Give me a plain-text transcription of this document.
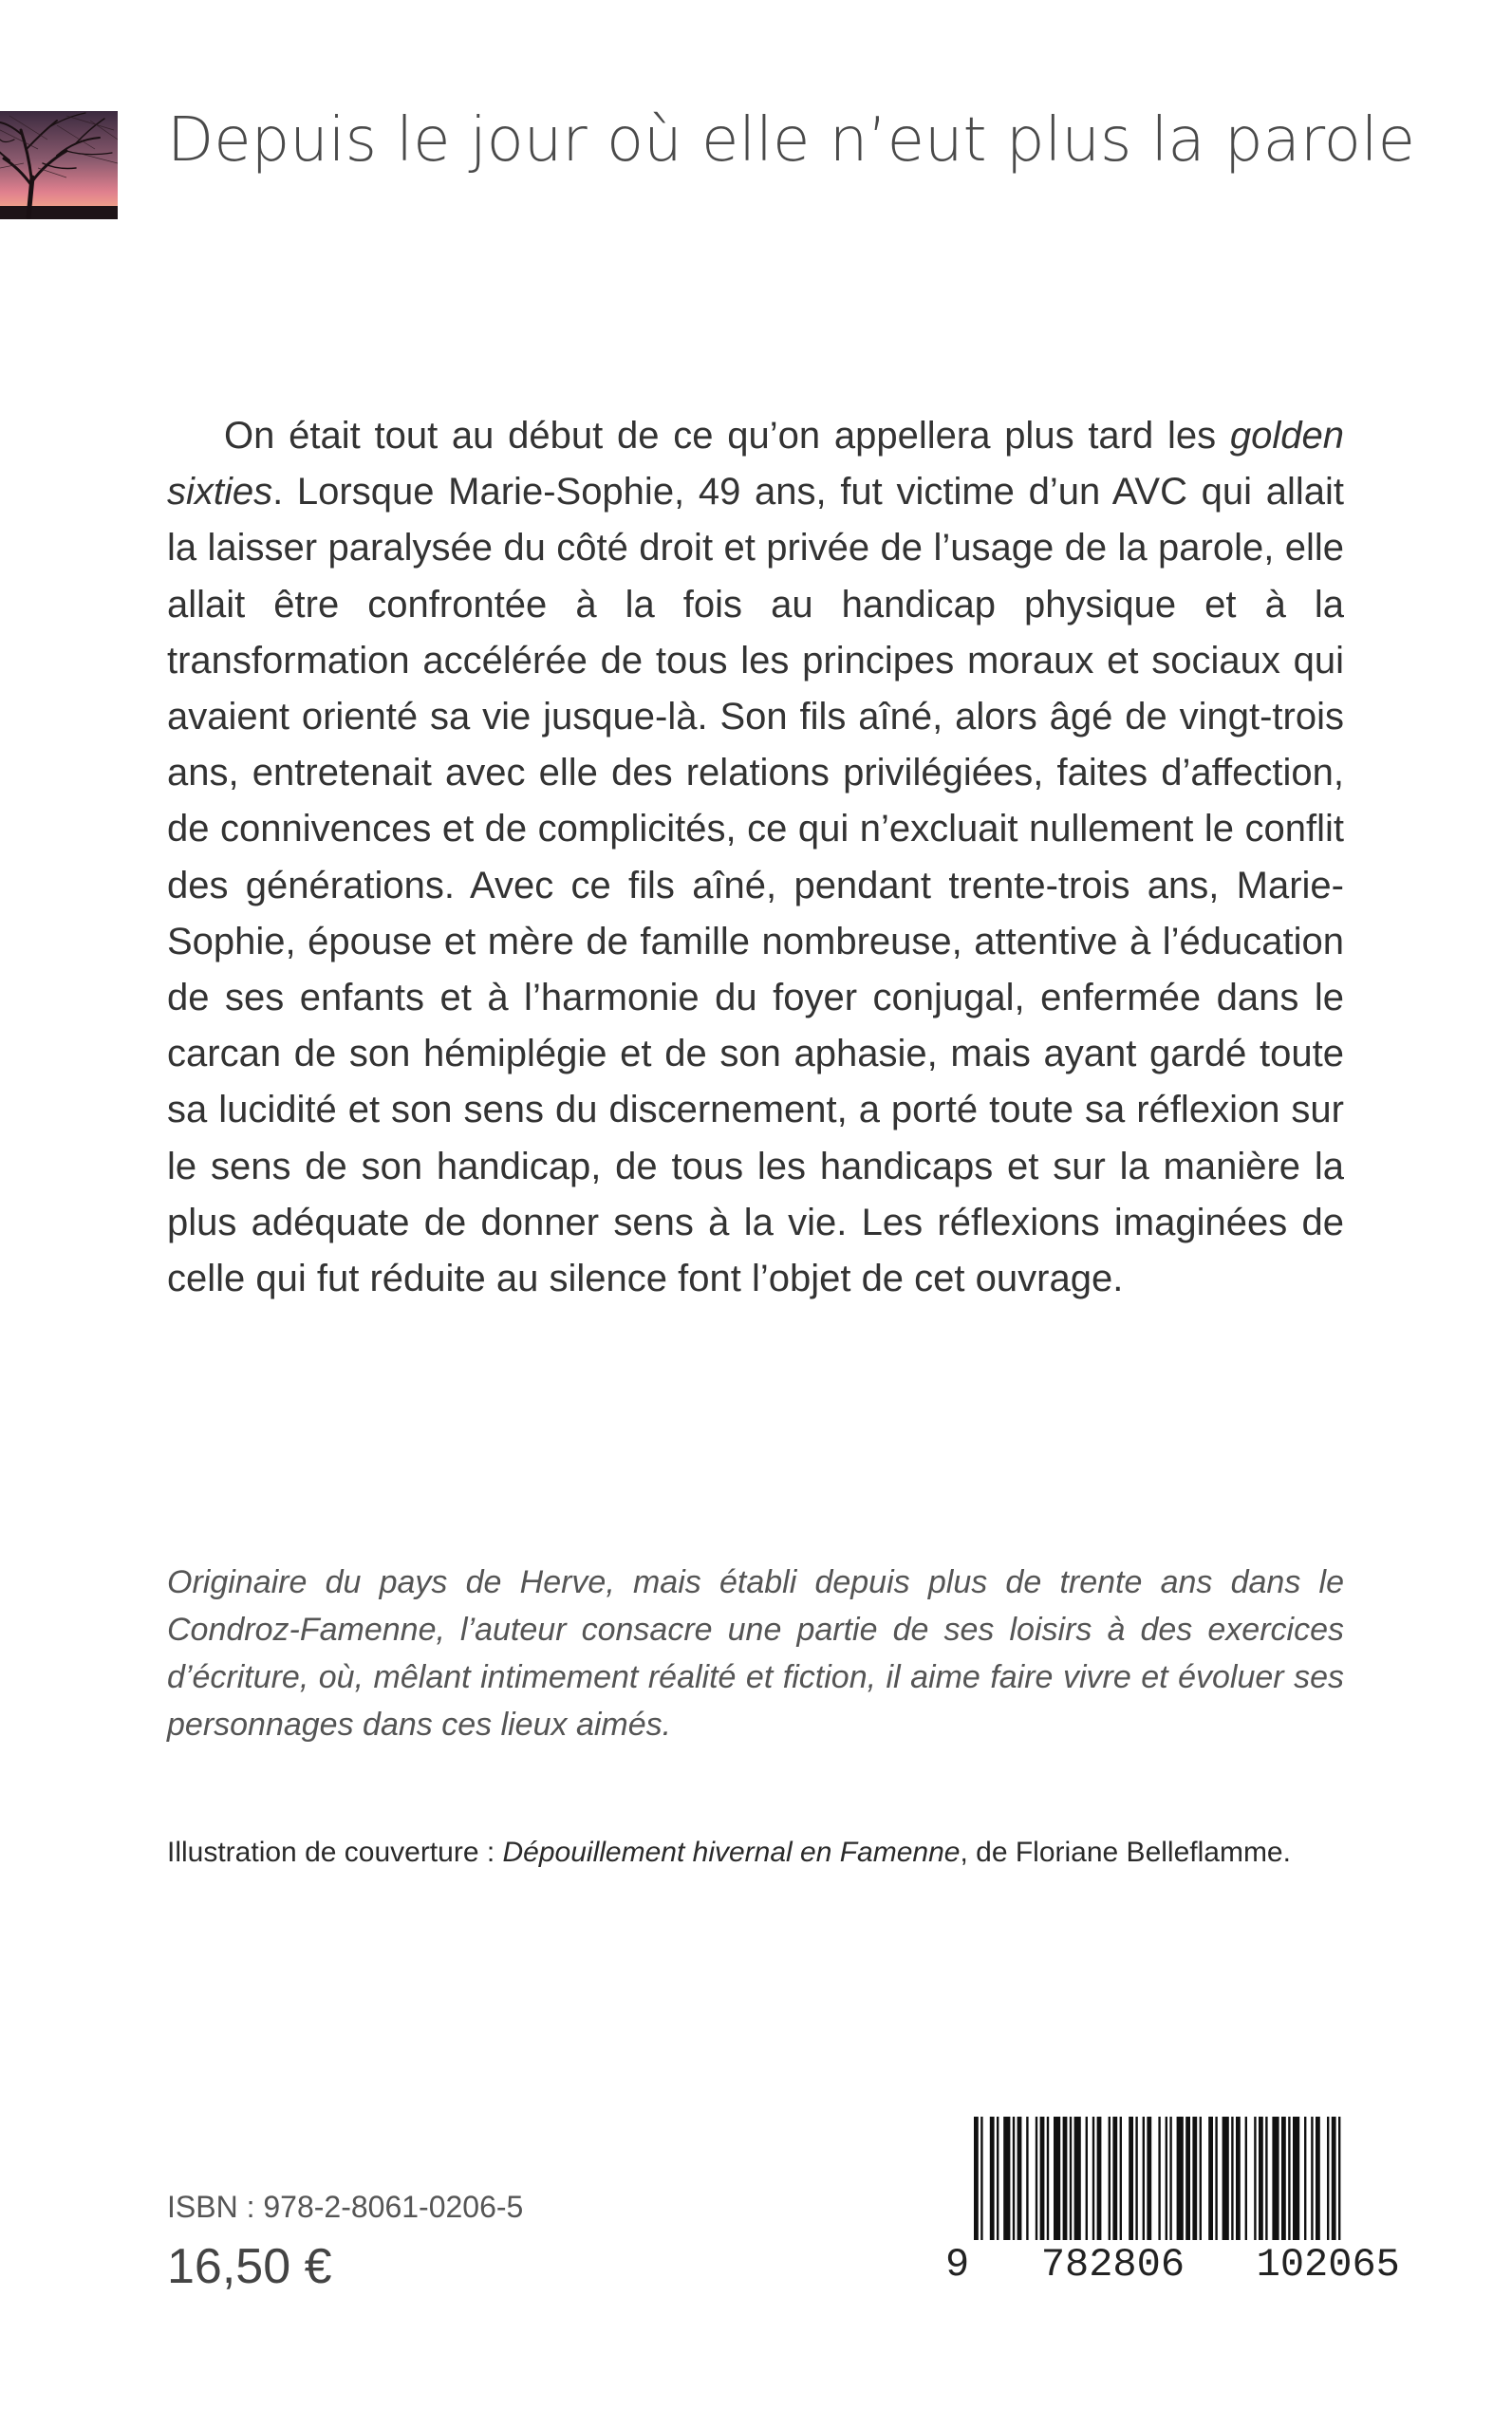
Depuis le jour où elle n’eut plus la parole

On était tout au début de ce qu’on appellera plus tard les golden sixties. Lorsque Marie-Sophie, 49 ans, fut victime d’un AVC qui allait la laisser paralysée du côté droit et privée de l’usage de la parole, elle allait être confrontée à la fois au handicap physique et à la transformation accélérée de tous les principes moraux et sociaux qui avaient orienté sa vie jusque-là. Son fils aîné, alors âgé de vingt-trois ans, entretenait avec elle des relations privilégiées, faites d’affection, de connivences et de complicités, ce qui n’excluait nullement le conflit des générations. Avec ce fils aîné, pendant trente-trois ans, Marie-Sophie, épouse et mère de famille nombreuse, attentive à l’éducation de ses enfants et à l’harmonie du foyer conjugal, enfermée dans le carcan de son hémiplégie et de son aphasie, mais ayant gardé toute sa lucidité et son sens du discernement, a porté toute sa réflexion sur le sens de son handicap, de tous les handicaps et sur la manière la plus adéquate de donner sens à la vie. Les réflexions imaginées de celle qui fut réduite au silence font l’objet de cet ouvrage.

Originaire du pays de Herve, mais établi depuis plus de trente ans dans le Condroz-Famenne, l’auteur consacre une partie de ses loisirs à des exercices d’écriture, où, mêlant intimement réalité et fiction, il aime faire vivre et évoluer ses personnages dans ces lieux aimés.

Illustration de couverture : Dépouillement hivernal en Famenne, de Floriane Belleflamme.

ISBN : 978-2-8061-0206-5
16,50 €	9   782806   102065
